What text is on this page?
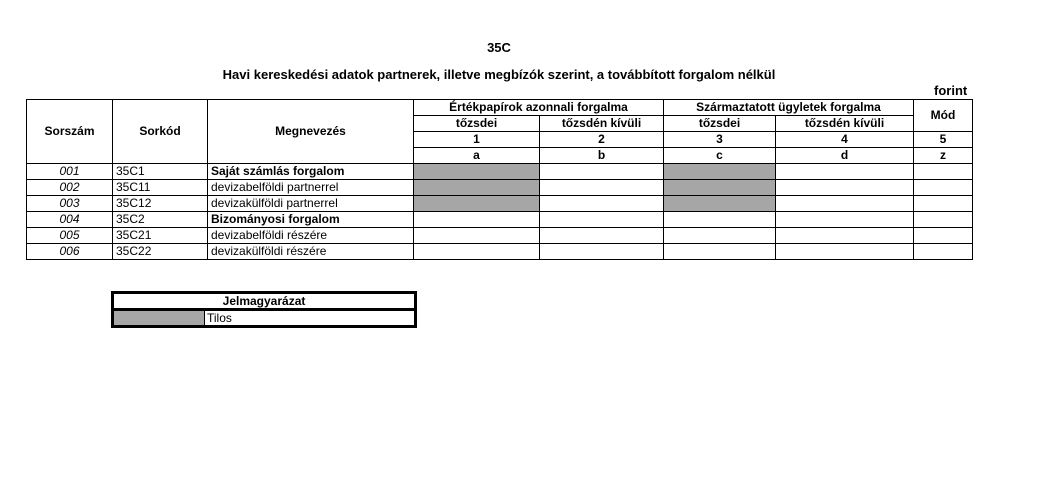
35C
Havi kereskedési adatok partnerek, illetve megbízók szerint, a továbbított forgalom nélkül
forint
Sorszám	Sorkód	Megnevezés	Értékpapírok azonnali forgalma		Származtatott ügyletek forgalma		Mód
			tőzsdei	tőzsdén kívüli	tőzsdei	tőzsdén kívüli	
			1	2	3	4	5
			a	b	c	d	z
001	35C1	Saját számlás forgalom					
002	35C11	devizabelföldi partnerrel					
003	35C12	devizakülföldi partnerrel					
004	35C2	Bizományosi forgalom					
005	35C21	devizabelföldi részére					
006	35C22	devizakülföldi részére					
Jelmagyarázat
	Tilos
